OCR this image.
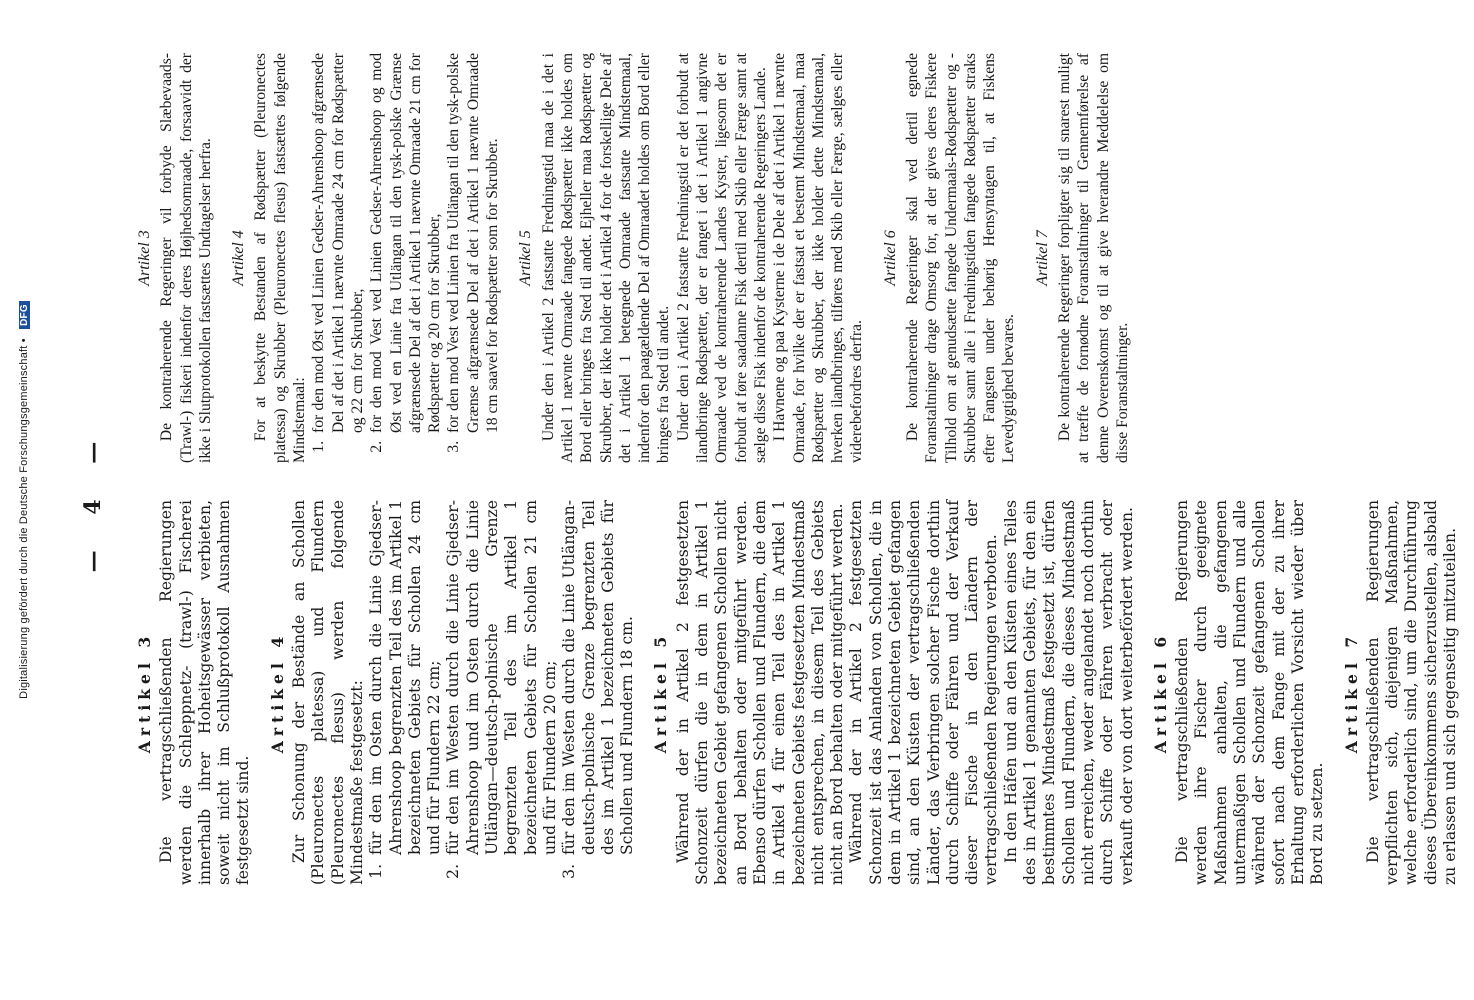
Digitalisierung gefördert durch die Deutsche Forschungsgemeinschaft • DFG
— 4 —
Artikel 3 Die vertragschließenden Regierungen werden die Schleppnetz- (trawl-) Fischerei innerhalb ihrer Hoheitsgewässer verbieten, soweit nicht im Schlußprotokoll Ausnahmen festgesetzt sind.

Artikel 4 Zur Schonung der Bestände an Schollen (Pleuronectes platessa) und Flundern (Pleuronectes flesus) werden folgende Mindestmaße festgesetzt: 1. für den im Osten durch die Linie Gjedser-Ahrenshoop begrenzten Teil des im Artikel 1 bezeichneten Gebiets für Schollen 24 cm und für Flundern 22 cm; 2. für den im Westen durch die Linie Gjedser-Ahrenshoop und im Osten durch die Linie Utlängan—deutsch-polnische Grenze begrenzten Teil des im Artikel 1 bezeichneten Gebiets für Schollen 21 cm und für Flundern 20 cm; 3. für den im Westen durch die Linie Utlängan-deutsch-polnische Grenze begrenzten Teil des im Artikel 1 bezeichneten Gebiets für Schollen und Flundern 18 cm. Artikel 5 Während der in Artikel 2 festgesetzten Schonzeit dürfen die in dem in Artikel 1 bezeichneten Gebiet gefangenen Schollen nicht an Bord behalten oder mitgeführt werden. Ebenso dürfen Schollen und Flundern, die dem in Artikel 4 für einen Teil des in Artikel 1 bezeichneten Gebiets festgesetzten Mindestmaß nicht entsprechen, in diesem Teil des Gebiets nicht an Bord behalten oder mitgeführt werden. Während der in Artikel 2 festgesetzten Schonzeit ist das Anlanden von Schollen, die in dem in Artikel 1 bezeichneten Gebiet gefangen sind, an den Küsten der vertragschließenden Länder, das Verbringen solcher Fische dorthin durch Schiffe oder Fähren und der Verkauf dieser Fische in den Ländern der vertragschließenden Regierungen verboten. In den Häfen und an den Küsten eines Teiles des in Artikel 1 genannten Gebiets, für den ein bestimmtes Mindestmaß festgesetzt ist, dürfen Schollen und Flundern, die dieses Mindestmaß nicht erreichen, weder angelandet noch dorthin durch Schiffe oder Fähren verbracht oder verkauft oder von dort weiterbefördert werden. Artikel 6 Die vertragschließenden Regierungen werden ihre Fischer durch geeignete Maßnahmen anhalten, die gefangenen untermaßigen Schollen und Flundern und alle während der Schonzeit gefangenen Schollen sofort nach dem Fange mit der zu ihrer Erhaltung erforderlichen Vorsicht wieder über Bord zu setzen.

Artikel 7 Die vertragschließenden Regierungen verpflichten sich, diejenigen Maßnahmen, welche erforderlich sind, um die Durchführung dieses Übereinkommens sicherzustellen, alsbald zu erlassen und sich gegenseitig mitzuteilen.

Artikel 3 De kontraherende Regeringer vil forbyde Slæbevaads- (Trawl-) fiskeri indenfor deres Højhedsomraade, forsaavidt der ikke i Slutprotokollen fastsættes Undtagelser herfra. Artikel 4 For at beskytte Bestanden af Rødspætter (Pleuronectes platessa) og Skrubber (Pleuronectes flesus) fastsættes følgende Mindstemaal: 1. for den mod Øst ved Linien Gedser-Ahrenshoop afgrænsede Del af det i Artikel 1 nævnte Omraade 24 cm for Rødspætter og 22 cm for Skrubber, 2. for den mod Vest ved Linien Gedser-Ahrenshoop og mod Øst ved en Linie fra Utlängan til den tysk-polske Grænse afgrænsede Del af det i Artikel 1 nævnte Omraade 21 cm for Rødspætter og 20 cm for Skrubber, 3. for den mod Vest ved Linien fra Utlängan til den tysk-polske Grænse afgrænsede Del af det i Artikel 1 nævnte Omraade 18 cm saavel for Rødspætter som for Skrubber. Artikel 5 Under den i Artikel 2 fastsatte Fredningstid maa de i det i Artikel 1 nævnte Omraade fangede Rødspætter ikke holdes om Bord eller bringes fra Sted til andet. Ejheller maa Rødspætter og Skrubber, der ikke holder det i Artikel 4 for de forskellige Dele af det i Artikel 1 betegnede Omraade fastsatte Mindstemaal, indenfor den paagældende Del af Omraadet holdes om Bord eller bringes fra Sted til andet. Under den i Artikel 2 fastsatte Fredningstid er det forbudt at ilandbringe Rødspætter, der er fanget i det i Artikel 1 angivne Omraade ved de kontraherende Landes Kyster, ligesom det er forbudt at føre saadanne Fisk dertil med Skib eller Færge samt at sælge disse Fisk indenfor de kontraherende Regeringers Lande. I Havnene og paa Kysterne i de Dele af det i Artikel 1 nævnte Omraade, for hvilke der er fastsat et bestemt Mindstemaal, maa Rødspætter og Skrubber, der ikke holder dette Mindstemaal, hverken ilandbringes, tilføres med Skib eller Færge, sælges eller viderebefordres derfra.

Artikel 6 De kontraherende Regeringer skal ved dertil egnede Foranstaltninger drage Omsorg for, at der gives deres Fiskere Tilhold om at genudsætte fangede Undermaals-Rødspætter og -Skrubber samt alle i Fredningstiden fangede Rødspætter straks efter Fangsten under behørig Hensyntagen til, at Fiskens Levedygtighed bevares.

Artikel 7 De kontraherende Regeringer forpligter sig til snarest muligt at træffe de fornødne Foranstaltninger til Gennemførelse af denne Overenskomst og til at give hverandre Meddelelse om disse Foranstaltninger.
